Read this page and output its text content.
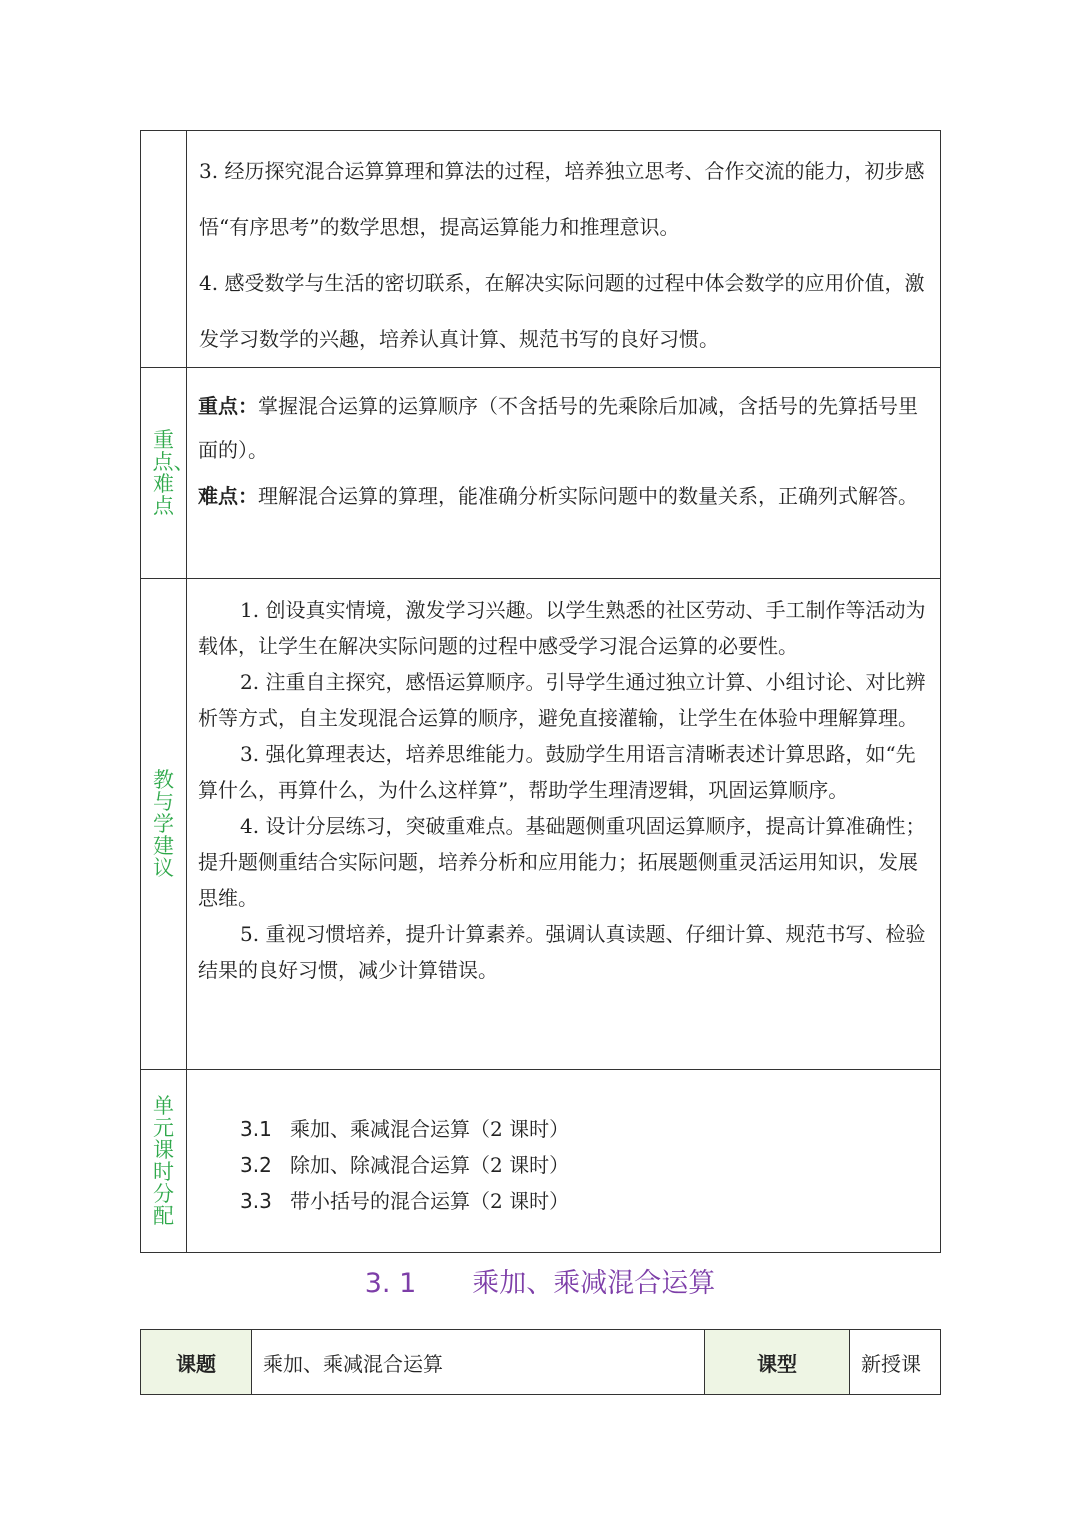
	3. 经历探究混合运算算理和算法的过程，培养独立思考、合作交流的能力，初步感悟“有序思考”的数学思想，提高运算能力和推理意识。
4. 感受数学与生活的密切联系，在解决实际问题的过程中体会数学的应用价值，激发学习数学的兴趣，培养认真计算、规范书写的良好习惯。

重点、难点	重点：掌握混合运算的运算顺序（不含括号的先乘除后加减，含括号的先算括号里面的）。
难点：理解混合运算的算理，能准确分析实际问题中的数量关系，正确列式解答。

教与学建议	1. 创设真实情境，激发学习兴趣。以学生熟悉的社区劳动、手工制作等活动为载体，让学生在解决实际问题的过程中感受学习混合运算的必要性。
2. 注重自主探究，感悟运算顺序。引导学生通过独立计算、小组讨论、对比辨析等方式，自主发现混合运算的顺序，避免直接灌输，让学生在体验中理解算理。
3. 强化算理表达，培养思维能力。鼓励学生用语言清晰表述计算思路，如“先算什么，再算什么，为什么这样算”，帮助学生理清逻辑，巩固运算顺序。
4. 设计分层练习，突破重难点。基础题侧重巩固运算顺序，提高计算准确性；提升题侧重结合实际问题，培养分析和应用能力；拓展题侧重灵活运用知识，发展思维。
5. 重视习惯培养，提升计算素养。强调认真读题、仔细计算、规范书写、检验结果的良好习惯，减少计算错误。

单元课时分配	3.1 乘加、乘减混合运算（2 课时）
3.2 除加、除减混合运算（2 课时）
3.3 带小括号的混合运算（2 课时）
3. 1 乘加、乘减混合运算
课题	乘加、乘减混合运算	课型	新授课
